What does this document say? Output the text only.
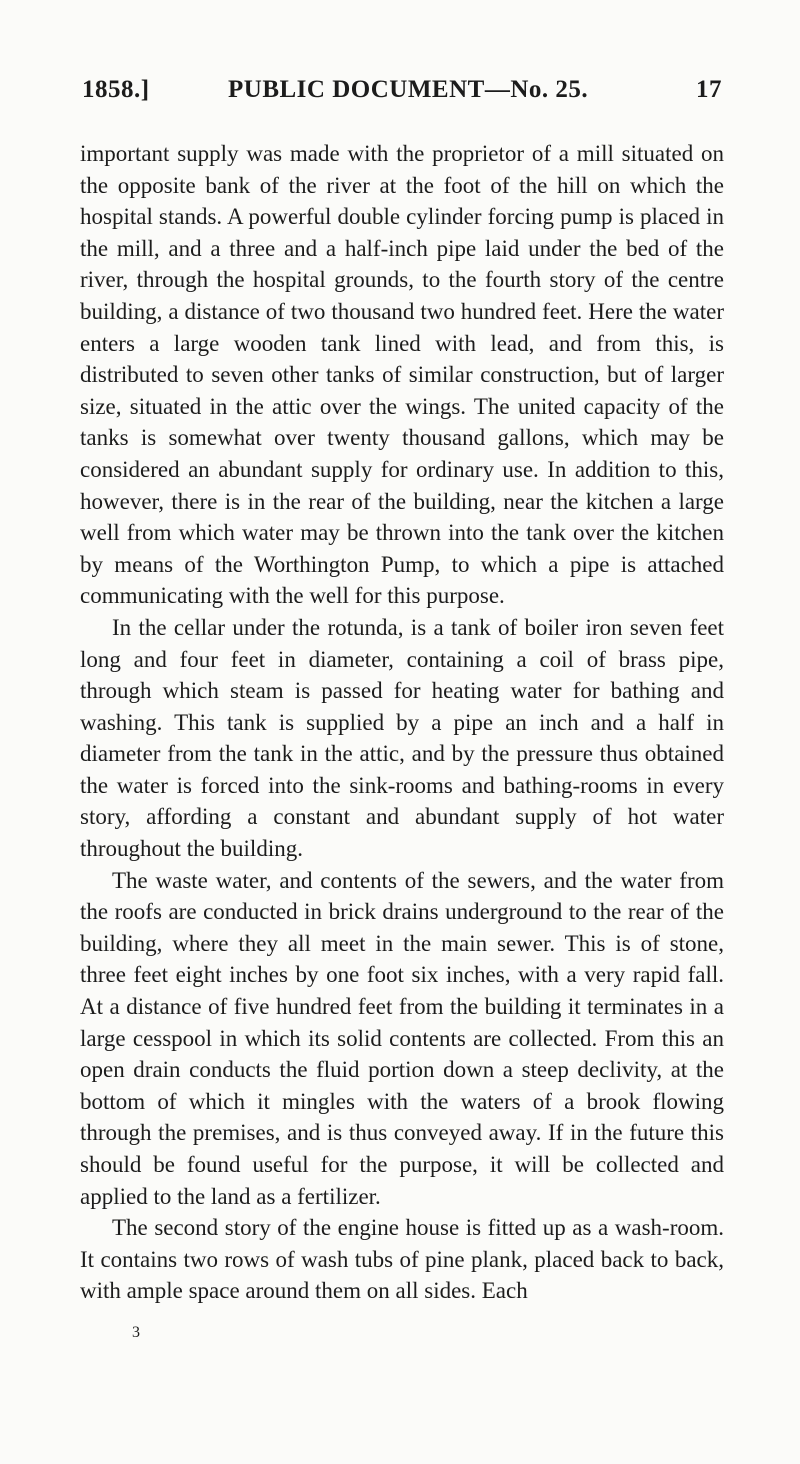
1858.]	PUBLIC DOCUMENT—No. 25.	17

important supply was made with the proprietor of a mill situated on the opposite bank of the river at the foot of the hill on which the hospital stands. A powerful double cylinder forcing pump is placed in the mill, and a three and a half-inch pipe laid under the bed of the river, through the hospital grounds, to the fourth story of the centre building, a distance of two thousand two hundred feet. Here the water enters a large wooden tank lined with lead, and from this, is distributed to seven other tanks of similar construction, but of larger size, situated in the attic over the wings. The united capacity of the tanks is somewhat over twenty thousand gallons, which may be considered an abundant supply for ordinary use. In addition to this, however, there is in the rear of the building, near the kitchen a large well from which water may be thrown into the tank over the kitchen by means of the Worthington Pump, to which a pipe is attached communicating with the well for this purpose.

In the cellar under the rotunda, is a tank of boiler iron seven feet long and four feet in diameter, containing a coil of brass pipe, through which steam is passed for heating water for bathing and washing. This tank is supplied by a pipe an inch and a half in diameter from the tank in the attic, and by the pressure thus obtained the water is forced into the sink-rooms and bathing-rooms in every story, affording a constant and abundant supply of hot water throughout the building.

The waste water, and contents of the sewers, and the water from the roofs are conducted in brick drains underground to the rear of the building, where they all meet in the main sewer. This is of stone, three feet eight inches by one foot six inches, with a very rapid fall. At a distance of five hundred feet from the building it terminates in a large cesspool in which its solid contents are collected. From this an open drain conducts the fluid portion down a steep declivity, at the bottom of which it mingles with the waters of a brook flowing through the premises, and is thus conveyed away. If in the future this should be found useful for the purpose, it will be collected and applied to the land as a fertilizer.

The second story of the engine house is fitted up as a wash-room. It contains two rows of wash tubs of pine plank, placed back to back, with ample space around them on all sides. Each

3
